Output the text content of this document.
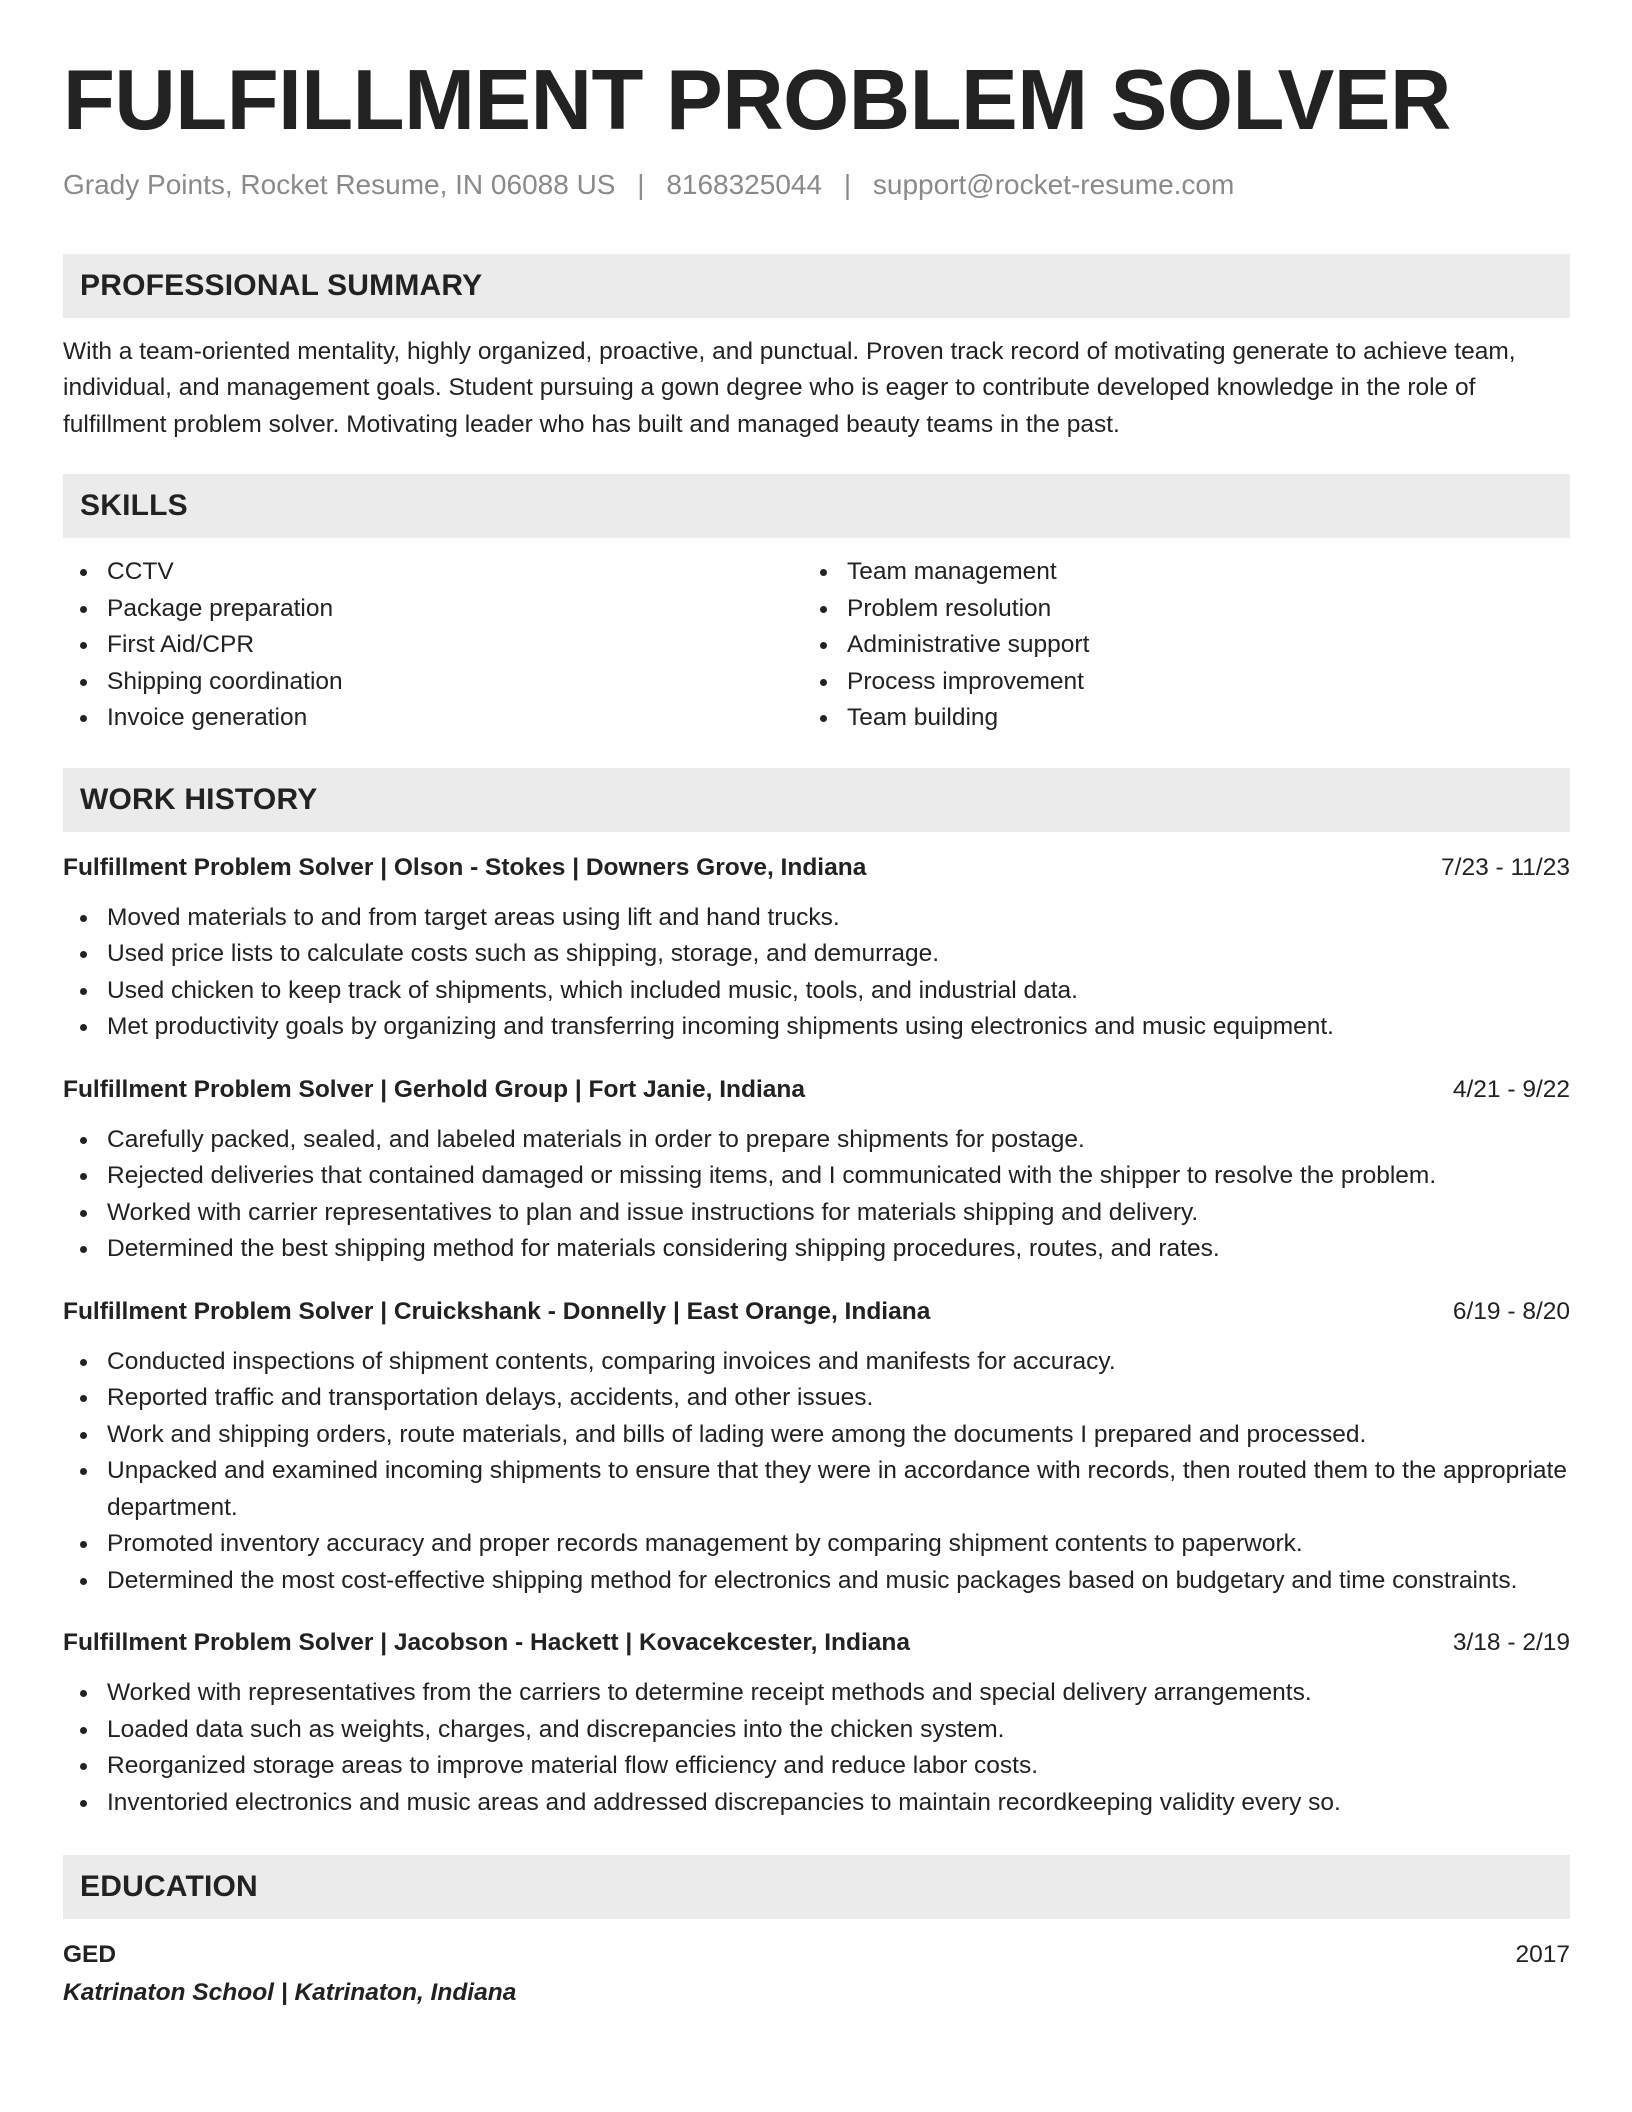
FULFILLMENT PROBLEM SOLVER
Grady Points, Rocket Resume, IN 06088 US | 8168325044 | support@rocket-resume.com
PROFESSIONAL SUMMARY
With a team-oriented mentality, highly organized, proactive, and punctual. Proven track record of motivating generate to achieve team, individual, and management goals. Student pursuing a gown degree who is eager to contribute developed knowledge in the role of fulfillment problem solver. Motivating leader who has built and managed beauty teams in the past.
SKILLS
CCTV
Package preparation
First Aid/CPR
Shipping coordination
Invoice generation
Team management
Problem resolution
Administrative support
Process improvement
Team building
WORK HISTORY
Fulfillment Problem Solver | Olson - Stokes | Downers Grove, Indiana	7/23 - 11/23
Moved materials to and from target areas using lift and hand trucks.
Used price lists to calculate costs such as shipping, storage, and demurrage.
Used chicken to keep track of shipments, which included music, tools, and industrial data.
Met productivity goals by organizing and transferring incoming shipments using electronics and music equipment.
Fulfillment Problem Solver | Gerhold Group | Fort Janie, Indiana	4/21 - 9/22
Carefully packed, sealed, and labeled materials in order to prepare shipments for postage.
Rejected deliveries that contained damaged or missing items, and I communicated with the shipper to resolve the problem.
Worked with carrier representatives to plan and issue instructions for materials shipping and delivery.
Determined the best shipping method for materials considering shipping procedures, routes, and rates.
Fulfillment Problem Solver | Cruickshank - Donnelly | East Orange, Indiana	6/19 - 8/20
Conducted inspections of shipment contents, comparing invoices and manifests for accuracy.
Reported traffic and transportation delays, accidents, and other issues.
Work and shipping orders, route materials, and bills of lading were among the documents I prepared and processed.
Unpacked and examined incoming shipments to ensure that they were in accordance with records, then routed them to the appropriate department.
Promoted inventory accuracy and proper records management by comparing shipment contents to paperwork.
Determined the most cost-effective shipping method for electronics and music packages based on budgetary and time constraints.
Fulfillment Problem Solver | Jacobson - Hackett | Kovacekcester, Indiana	3/18 - 2/19
Worked with representatives from the carriers to determine receipt methods and special delivery arrangements.
Loaded data such as weights, charges, and discrepancies into the chicken system.
Reorganized storage areas to improve material flow efficiency and reduce labor costs.
Inventoried electronics and music areas and addressed discrepancies to maintain recordkeeping validity every so.
EDUCATION
GED	2017
Katrinaton School | Katrinaton, Indiana
